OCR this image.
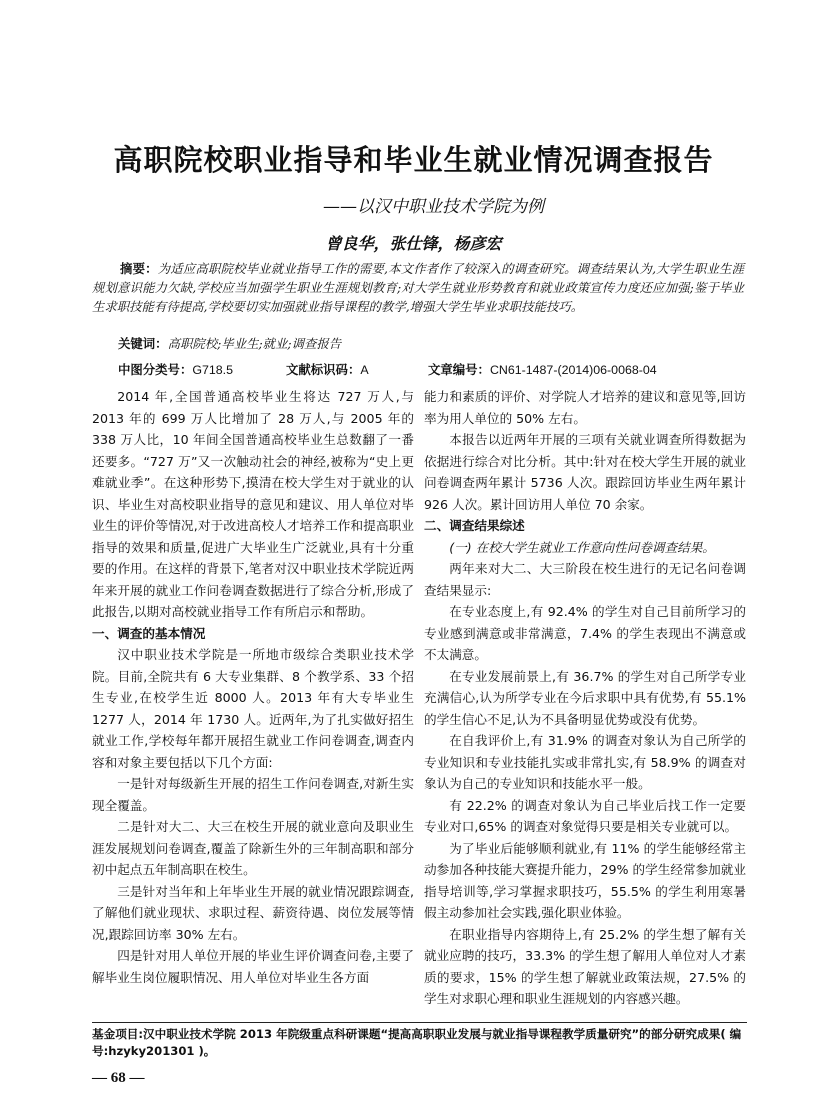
高职院校职业指导和毕业生就业情况调查报告
——以汉中职业技术学院为例
曾良华，张仕锋，杨彦宏
摘要：为适应高职院校毕业就业指导工作的需要,本文作者作了较深入的调查研究。调查结果认为,大学生职业生涯规划意识能力欠缺,学校应当加强学生职业生涯规划教育;对大学生就业形势教育和就业政策宣传力度还应加强;鉴于毕业生求职技能有待提高,学校要切实加强就业指导课程的教学,增强大学生毕业求职技能技巧。
关键词：高职院校;毕业生;就业;调查报告
中图分类号：G718.5	文献标识码：A	文章编号：CN61-1487-(2014)06-0068-04

2014 年,全国普通高校毕业生将达 727 万人,与 2013 年的 699 万人比增加了 28 万人,与 2005 年的 338 万人比，10 年间全国普通高校毕业生总数翻了一番还要多。“727 万”又一次触动社会的神经,被称为“史上更难就业季”。在这种形势下,摸清在校大学生对于就业的认识、毕业生对高校职业指导的意见和建议、用人单位对毕业生的评价等情况,对于改进高校人才培养工作和提高职业指导的效果和质量,促进广大毕业生广泛就业,具有十分重要的作用。在这样的背景下,笔者对汉中职业技术学院近两年来开展的就业工作问卷调查数据进行了综合分析,形成了此报告,以期对高校就业指导工作有所启示和帮助。

一、调查的基本情况

汉中职业技术学院是一所地市级综合类职业技术学院。目前,全院共有 6 大专业集群、8 个教学系、33 个招生专业,在校学生近 8000 人。2013 年有大专毕业生 1277 人，2014 年 1730 人。近两年,为了扎实做好招生就业工作,学校每年都开展招生就业工作问卷调查,调查内容和对象主要包括以下几个方面:

一是针对每级新生开展的招生工作问卷调查,对新生实现全覆盖。

二是针对大二、大三在校生开展的就业意向及职业生涯发展规划问卷调查,覆盖了除新生外的三年制高职和部分初中起点五年制高职在校生。

三是针对当年和上年毕业生开展的就业情况跟踪调查,了解他们就业现状、求职过程、薪资待遇、岗位发展等情况,跟踪回访率 30% 左右。

四是针对用人单位开展的毕业生评价调查问卷,主要了解毕业生岗位履职情况、用人单位对毕业生各方面

能力和素质的评价、对学院人才培养的建议和意见等,回访率为用人单位的 50% 左右。

本报告以近两年开展的三项有关就业调查所得数据为依据进行综合对比分析。其中:针对在校大学生开展的就业问卷调查两年累计 5736 人次。跟踪回访毕业生两年累计 926 人次。累计回访用人单位 70 余家。

二、调查结果综述

(一) 在校大学生就业工作意向性问卷调查结果。

两年来对大二、大三阶段在校生进行的无记名问卷调查结果显示:

在专业态度上,有 92.4% 的学生对自己目前所学习的专业感到满意或非常满意，7.4% 的学生表现出不满意或不太满意。

在专业发展前景上,有 36.7% 的学生对自己所学专业充满信心,认为所学专业在今后求职中具有优势,有 55.1% 的学生信心不足,认为不具备明显优势或没有优势。

在自我评价上,有 31.9% 的调查对象认为自己所学的专业知识和专业技能扎实或非常扎实,有 58.9% 的调查对象认为自己的专业知识和技能水平一般。

有 22.2% 的调查对象认为自己毕业后找工作一定要专业对口,65% 的调查对象觉得只要是相关专业就可以。

为了毕业后能够顺利就业,有 11% 的学生能够经常主动参加各种技能大赛提升能力，29% 的学生经常参加就业指导培训等,学习掌握求职技巧，55.5% 的学生利用寒暑假主动参加社会实践,强化职业体验。

在职业指导内容期待上,有 25.2% 的学生想了解有关就业应聘的技巧，33.3% 的学生想了解用人单位对人才素质的要求，15% 的学生想了解就业政策法规，27.5% 的学生对求职心理和职业生涯规划的内容感兴趣。

基金项目:汉中职业技术学院 2013 年院级重点科研课题“提高高职职业发展与就业指导课程教学质量研究”的部分研究成果( 编号:hzyky201301 )。
— 68 —
